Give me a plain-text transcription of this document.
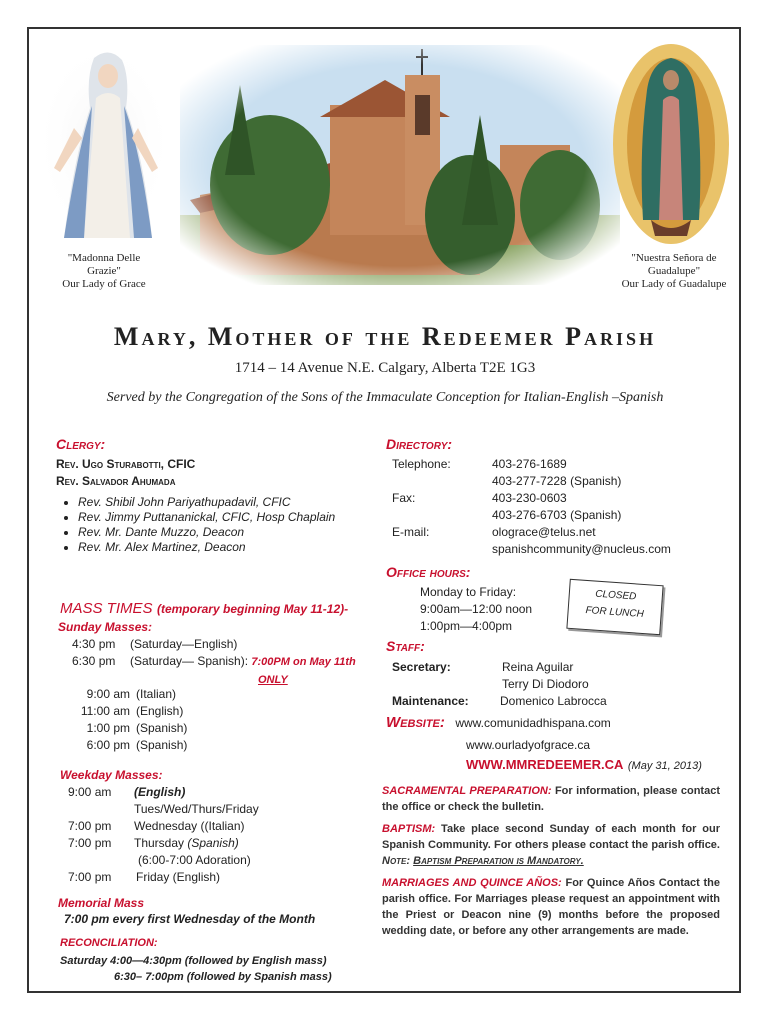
"Madonna Delle
Grazie"
Our Lady of Grace
"Nuestra Señora de
Guadalupe"
Our Lady of Guadalupe
Mary, Mother of the Redeemer Parish
1714 – 14 Avenue N.E. Calgary, Alberta T2E 1G3
Served by the Congregation of the Sons of the Immaculate Conception for Italian-English –Spanish
Clergy:
Rev. Ugo Sturabotti, CFIC
Rev. Salvador Ahumada
• Rev. Shibil John Pariyathupadavil, CFIC
• Rev. Jimmy Puttananickal, CFIC, Hosp Chaplain
• Rev. Mr. Dante Muzzo, Deacon
• Rev. Mr. Alex Martinez, Deacon
MASS TIMES (temporary beginning May 11-12)-
Sunday Masses:
4:30 pm (Saturday—English)
6:30 pm (Saturday— Spanish): 7:00PM on May 11th
ONLY
9:00 am (Italian)
11:00 am (English)
1:00 pm (Spanish)
6:00 pm (Spanish)
Weekday Masses:
9:00 am (English)
Tues/Wed/Thurs/Friday
7:00 pm Wednesday ((Italian)
7:00 pm Thursday (Spanish)
(6:00-7:00 Adoration)
7:00 pm Friday (English)
Memorial Mass
7:00 pm every first Wednesday of the Month
RECONCILIATION:
Saturday 4:00—4:30pm (followed by English mass)
6:30– 7:00pm (followed by Spanish mass)
Directory:
Telephone:	403-276-1689
403-277-7228 (Spanish)
Fax:	403-230-0603
403-276-6703 (Spanish)
E-mail:	olograce@telus.net
spanishcommunity@nucleus.com
Office hours:
Monday to Friday:
9:00am—12:00 noon
1:00pm—4:00pm
CLOSED
FOR LUNCH
Staff:
Secretary:	Reina Aguilar
Terry Di Diodoro
Maintenance:	Domenico Labrocca
Website: www.comunidadhispana.com
www.ourladyofgrace.ca
WWW.MMREDEEMER.CA (May 31, 2013)

SACRAMENTAL PREPARATION: For information, please contact the office or check the bulletin.

BAPTISM: Take place second Sunday of each month for our Spanish Community. For others please contact the parish office. Note: Baptism Preparation is Mandatory.

MARRIAGES AND QUINCE AÑOS: For Quince Años Contact the parish office. For Marriages please request an appointment with the Priest or Deacon nine (9) months before the proposed wedding date, or before any other arrangements are made.
